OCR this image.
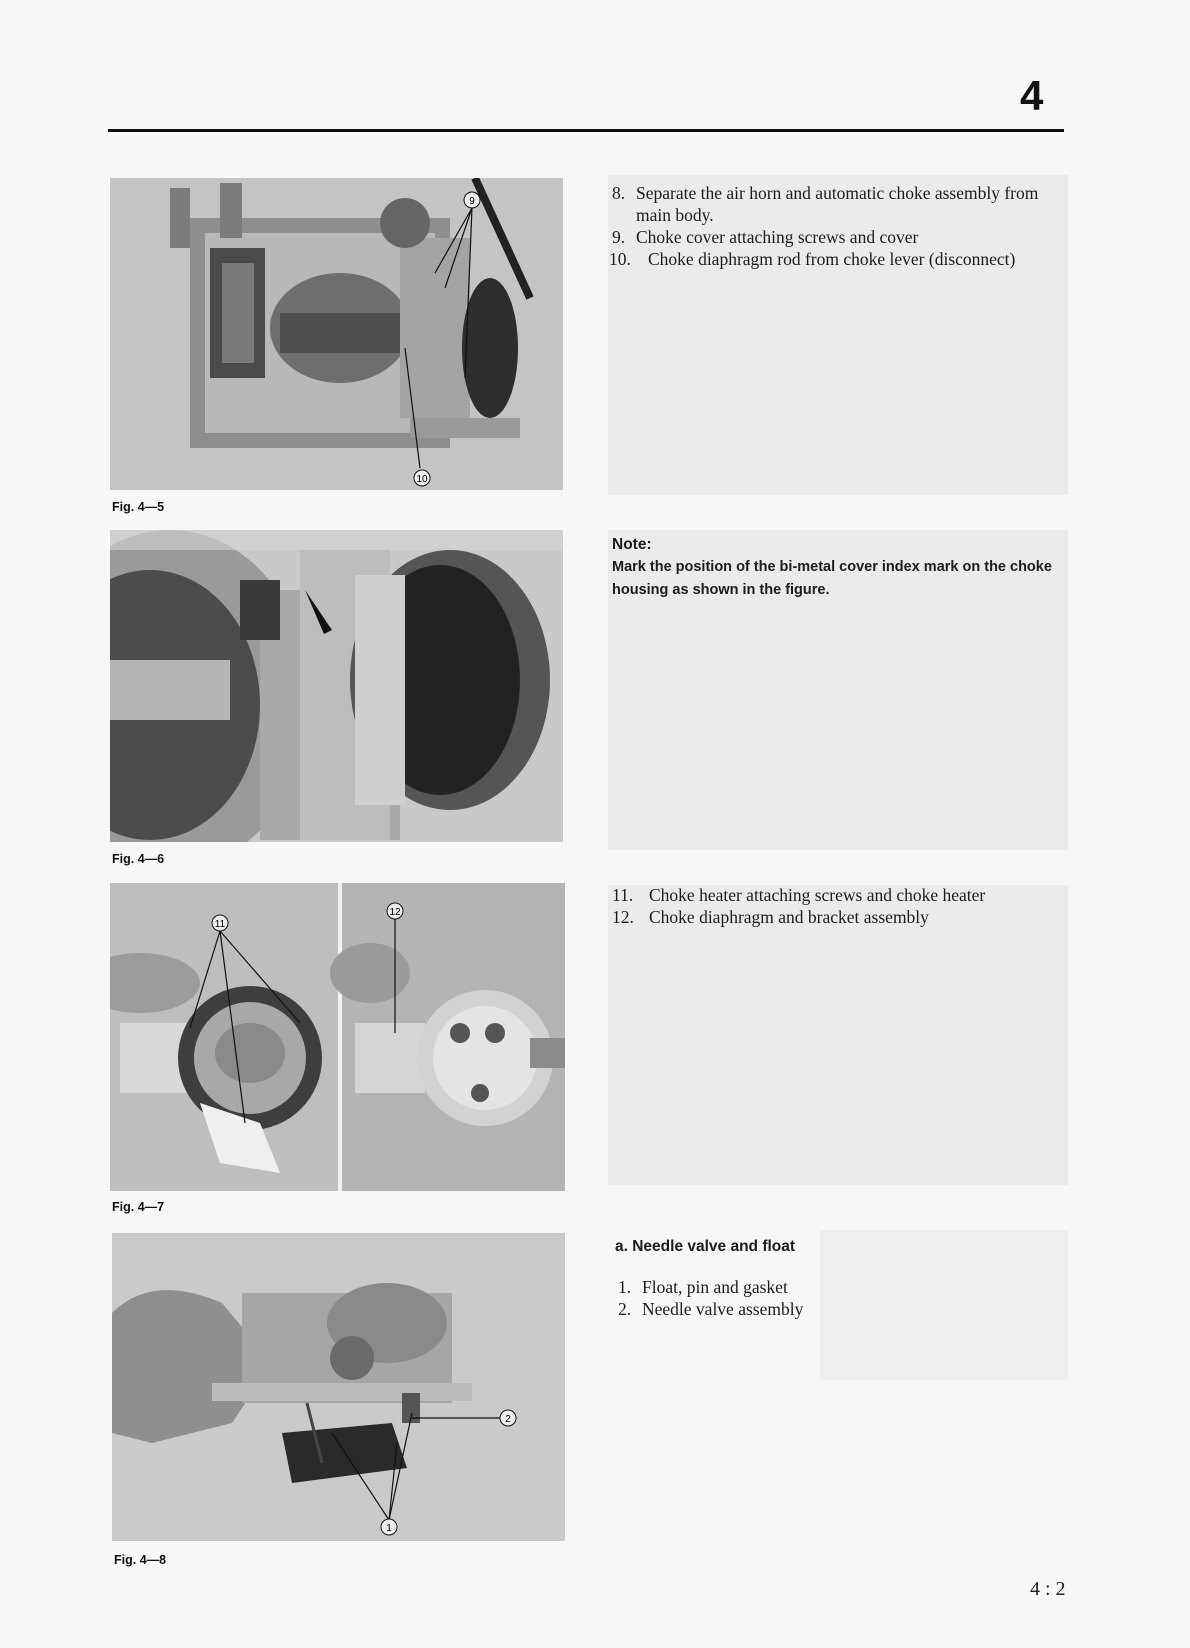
4
9
10
Fig. 4—5
Fig. 4—6
11
12
Fig. 4—7
2
1
Fig. 4—8
8. Separate the air horn and automatic choke assembly from main body.
9. Choke cover attaching screws and cover
10. Choke diaphragm rod from choke lever (disconnect)
Note:
Mark the position of the bi-metal cover index mark on the choke housing as shown in the figure.
11. Choke heater attaching screws and choke heater
12. Choke diaphragm and bracket assembly
a. Needle valve and float
1. Float, pin and gasket
2. Needle valve assembly
4 : 2
